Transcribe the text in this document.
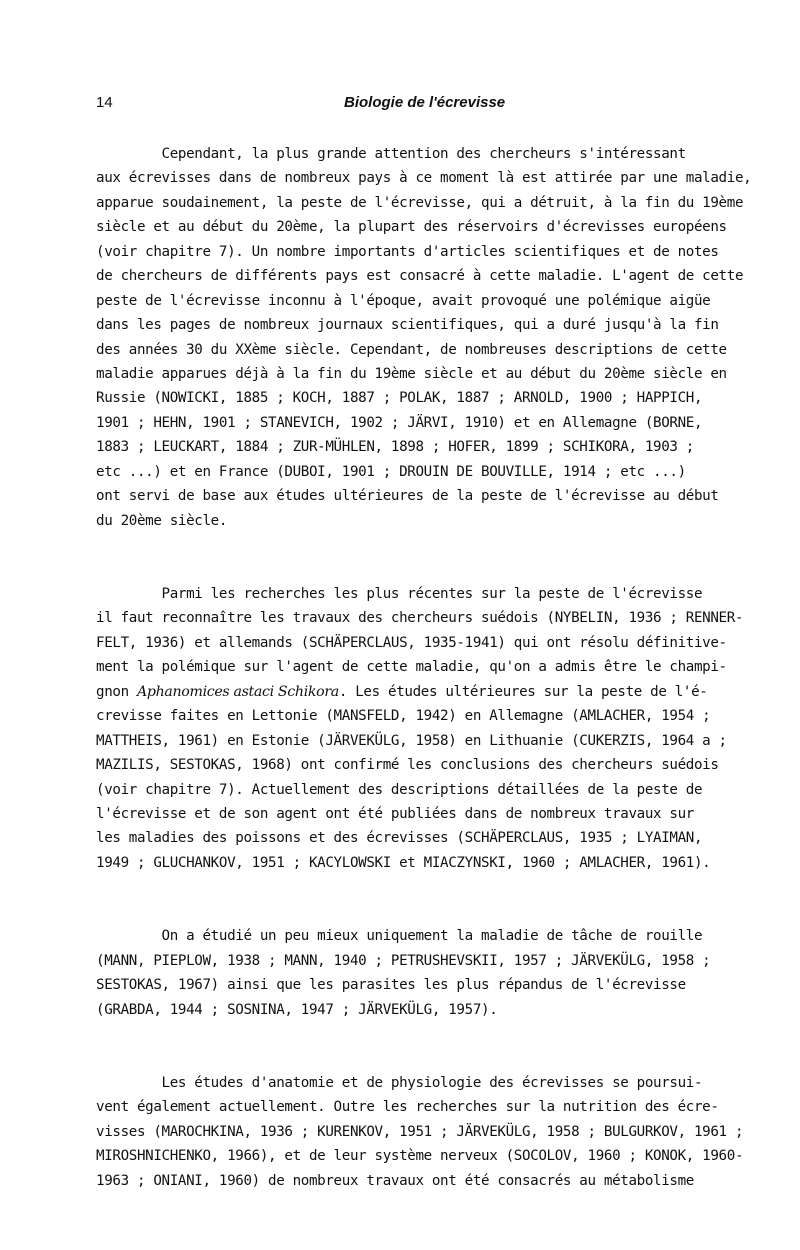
14	Biologie de l'écrevisse
Cependant, la plus grande attention des chercheurs s'intéressant
aux écrevisses dans de nombreux pays à ce moment là est attirée par une maladie,
apparue soudainement, la peste de l'écrevisse, qui a détruit, à la fin du 19ème
siècle et au début du 20ème, la plupart des réservoirs d'écrevisses européens
(voir chapitre 7). Un nombre importants d'articles scientifiques et de notes
de chercheurs de différents pays est consacré à cette maladie. L'agent de cette
peste de l'écrevisse inconnu à l'époque, avait provoqué une polémique aigüe
dans les pages de nombreux journaux scientifiques, qui a duré jusqu'à la fin
des années 30 du XXème siècle. Cependant, de nombreuses descriptions de cette
maladie apparues déjà à la fin du 19ème siècle et au début du 20ème siècle en
Russie (NOWICKI, 1885 ; KOCH, 1887 ; POLAK, 1887 ; ARNOLD, 1900 ; HAPPICH,
1901 ; HEHN, 1901 ; STANEVICH, 1902 ; JÄRVI, 1910) et en Allemagne (BORNE,
1883 ; LEUCKART, 1884 ; ZUR-MÜHLEN, 1898 ; HOFER, 1899 ; SCHIKORA, 1903 ;
etc ...) et en France (DUBOI, 1901 ; DROUIN DE BOUVILLE, 1914 ; etc ...)
ont servi de base aux études ultérieures de la peste de l'écrevisse au début
du 20ème siècle.
Parmi les recherches les plus récentes sur la peste de l'écrevisse
il faut reconnaître les travaux des chercheurs suédois (NYBELIN, 1936 ; RENNER-
FELT, 1936) et allemands (SCHÄPERCLAUS, 1935-1941) qui ont résolu définitive-
ment la polémique sur l'agent de cette maladie, qu'on a admis être le champi-
gnon Aphanomices astaci Schikora. Les études ultérieures sur la peste de l'é-
crevisse faites en Lettonie (MANSFELD, 1942) en Allemagne (AMLACHER, 1954 ;
MATTHEIS, 1961) en Estonie (JÄRVEKÜLG, 1958) en Lithuanie (CUKERZIS, 1964 a ;
MAZILIS, SESTOKAS, 1968) ont confirmé les conclusions des chercheurs suédois
(voir chapitre 7). Actuellement des descriptions détaillées de la peste de
l'écrevisse et de son agent ont été publiées dans de nombreux travaux sur
les maladies des poissons et des écrevisses (SCHÄPERCLAUS, 1935 ; LYAIMAN,
1949 ; GLUCHANKOV, 1951 ; KACYLOWSKI et MIACZYNSKI, 1960 ; AMLACHER, 1961).
On a étudié un peu mieux uniquement la maladie de tâche de rouille
(MANN, PIEPLOW, 1938 ; MANN, 1940 ; PETRUSHEVSKII, 1957 ; JÄRVEKÜLG, 1958 ;
SESTOKAS, 1967) ainsi que les parasites les plus répandus de l'écrevisse
(GRABDA, 1944 ; SOSNINA, 1947 ; JÄRVEKÜLG, 1957).
Les études d'anatomie et de physiologie des écrevisses se poursui-
vent également actuellement. Outre les recherches sur la nutrition des écre-
visses (MAROCHKINA, 1936 ; KURENKOV, 1951 ; JÄRVEKÜLG, 1958 ; BULGURKOV, 1961 ;
MIROSHNICHENKO, 1966), et de leur système nerveux (SOCOLOV, 1960 ; KONOK, 1960-
1963 ; ONIANI, 1960) de nombreux travaux ont été consacrés au métabolisme
